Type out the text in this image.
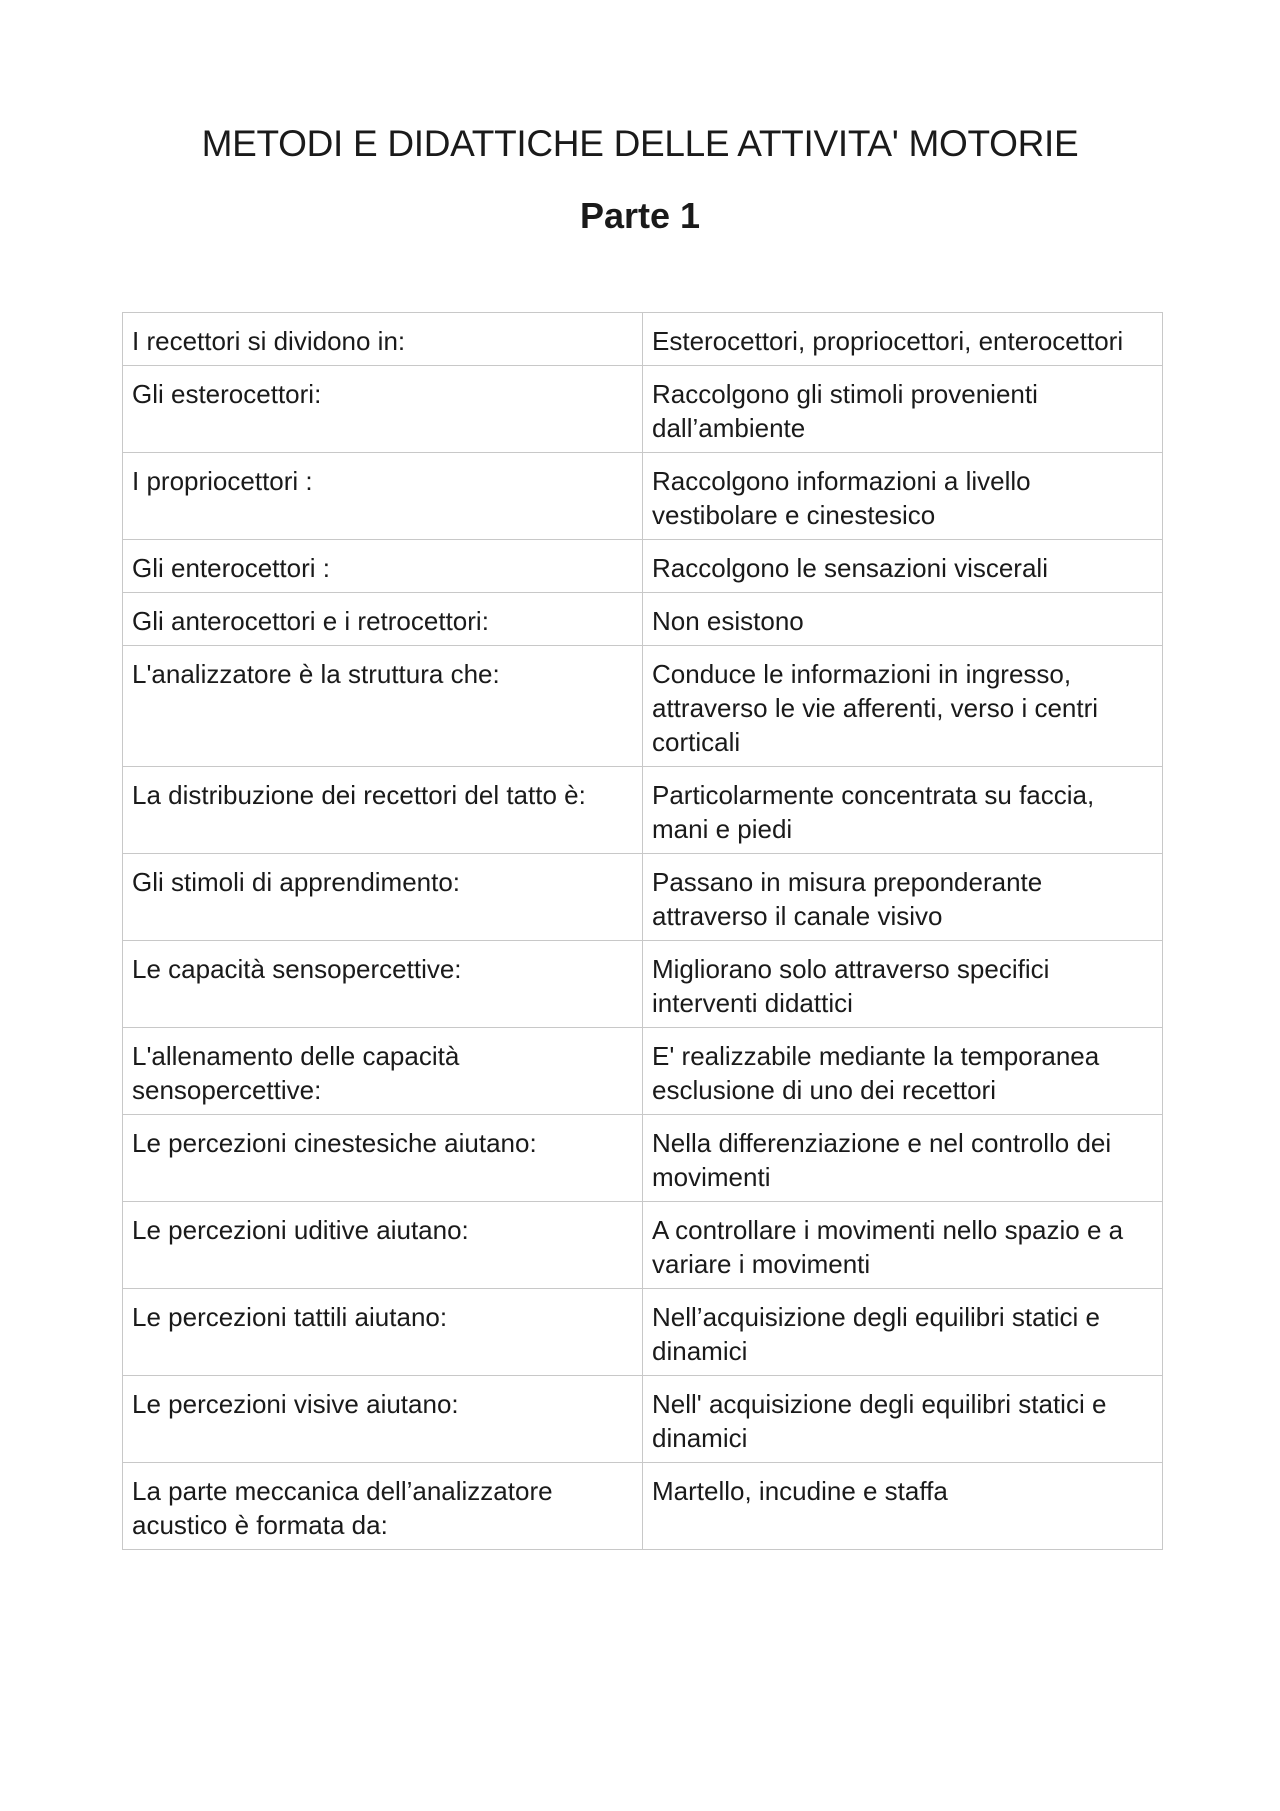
METODI E DIDATTICHE DELLE ATTIVITA' MOTORIE
Parte 1
I recettori si dividono in:	Esterocettori, propriocettori, enterocettori
Gli esterocettori:	Raccolgono gli stimoli provenienti dall’ambiente
I propriocettori :	Raccolgono informazioni a livello vestibolare e cinestesico
Gli enterocettori :	Raccolgono le sensazioni viscerali
Gli anterocettori e i retrocettori:	Non esistono
L'analizzatore è la struttura che:	Conduce le informazioni in ingresso, attraverso le vie afferenti, verso i centri corticali
La distribuzione dei recettori del tatto è:	Particolarmente concentrata su faccia, mani e piedi
Gli stimoli di apprendimento:	Passano in misura preponderante attraverso il canale visivo
Le capacità sensopercettive:	Migliorano solo attraverso specifici interventi didattici
L'allenamento delle capacità sensopercettive:	E' realizzabile mediante la temporanea esclusione di uno dei recettori
Le percezioni cinestesiche aiutano:	Nella differenziazione e nel controllo dei movimenti
Le percezioni uditive aiutano:	A controllare i movimenti nello spazio e a variare i movimenti
Le percezioni tattili aiutano:	Nell’acquisizione degli equilibri statici e dinamici
Le percezioni visive aiutano:	Nell' acquisizione degli equilibri statici e dinamici
La parte meccanica dell’analizzatore acustico è formata da:	Martello, incudine e staffa
